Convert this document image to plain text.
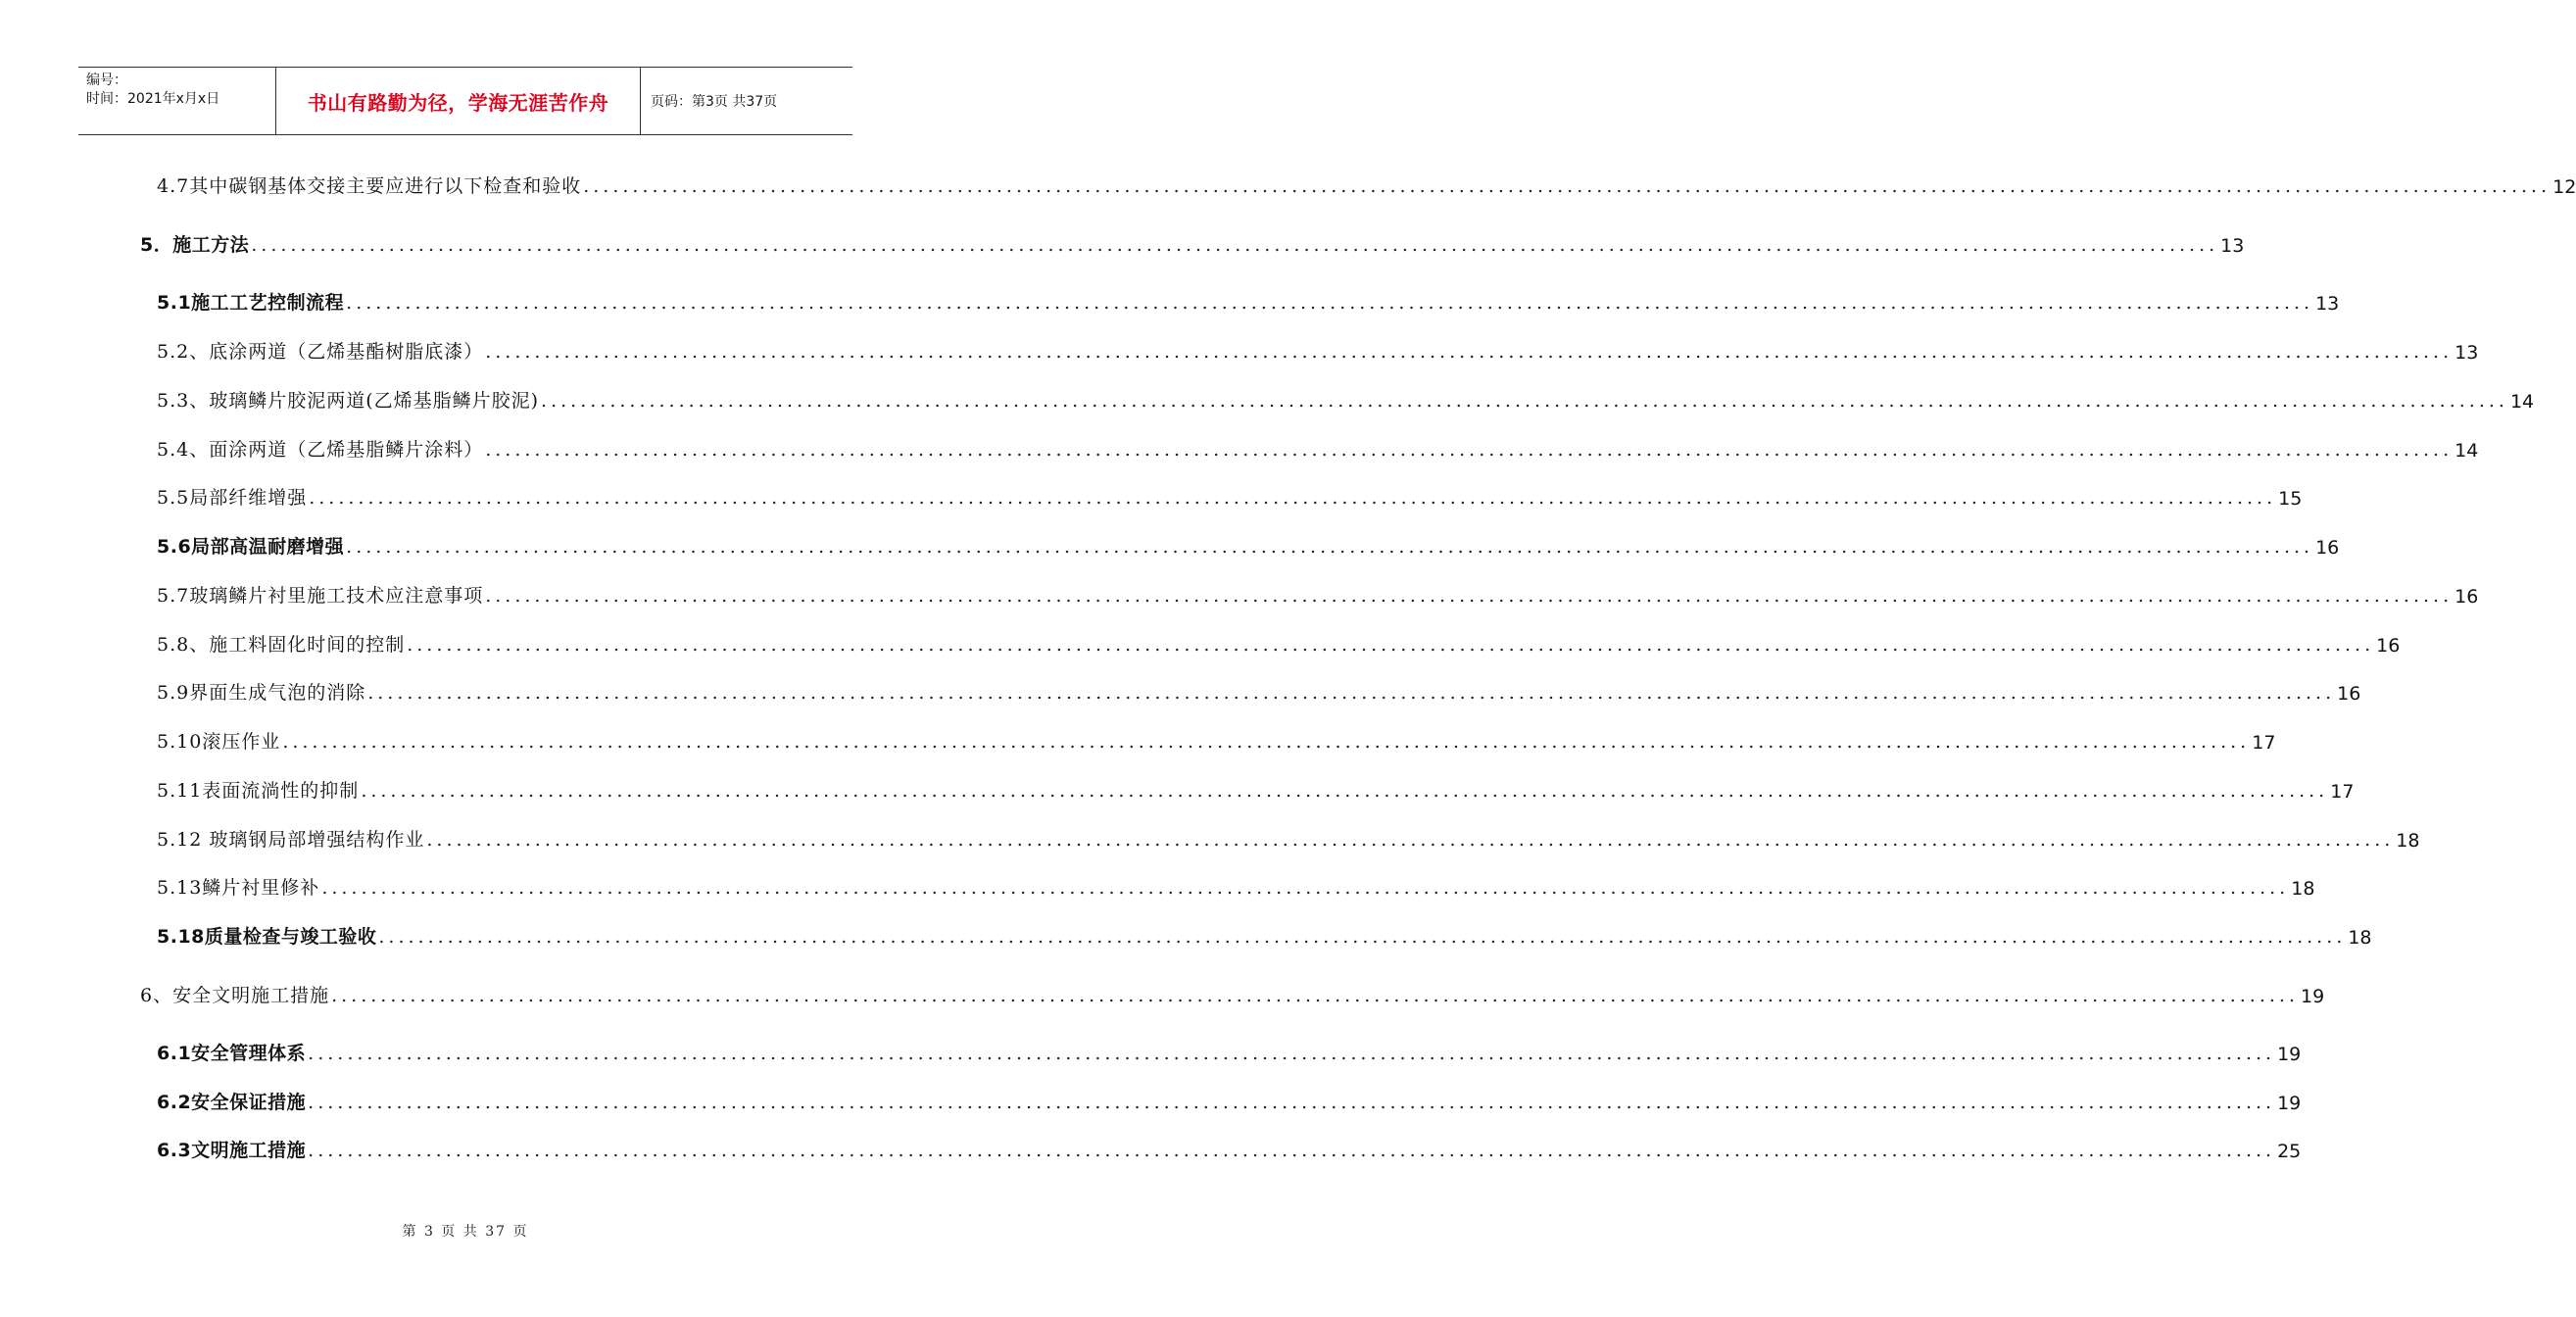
编号：
时间：2021年x月x日	书山有路勤为径，学海无涯苦作舟	页码：第3页 共37页
4.7其中碳钢基体交接主要应进行以下检查和验收 ........................................................................................................................................................................................................ 12
5．施工方法 ........................................................................................................................................................................................................ 13
5.1施工工艺控制流程 ........................................................................................................................................................................................................ 13
5.2、底涂两道（乙烯基酯树脂底漆） ........................................................................................................................................................................................................ 13
5.3、玻璃鳞片胶泥两道(乙烯基脂鳞片胶泥) ........................................................................................................................................................................................................ 14
5.4、面涂两道（乙烯基脂鳞片涂料） ........................................................................................................................................................................................................ 14
5.5局部纤维增强 ........................................................................................................................................................................................................ 15
5.6局部高温耐磨增强 ........................................................................................................................................................................................................ 16
5.7玻璃鳞片衬里施工技术应注意事项 ........................................................................................................................................................................................................ 16
5.8、施工料固化时间的控制 ........................................................................................................................................................................................................ 16
5.9界面生成气泡的消除 ........................................................................................................................................................................................................ 16
5.10滚压作业 ........................................................................................................................................................................................................ 17
5.11表面流淌性的抑制 ........................................................................................................................................................................................................ 17
5.12 玻璃钢局部增强结构作业 ........................................................................................................................................................................................................ 18
5.13鳞片衬里修补 ........................................................................................................................................................................................................ 18
5.18质量检查与竣工验收 ........................................................................................................................................................................................................ 18
6、安全文明施工措施 ........................................................................................................................................................................................................ 19
6.1安全管理体系 ........................................................................................................................................................................................................ 19
6.2安全保证措施 ........................................................................................................................................................................................................ 19
6.3文明施工措施 ........................................................................................................................................................................................................ 25
第 3 页 共 37 页
